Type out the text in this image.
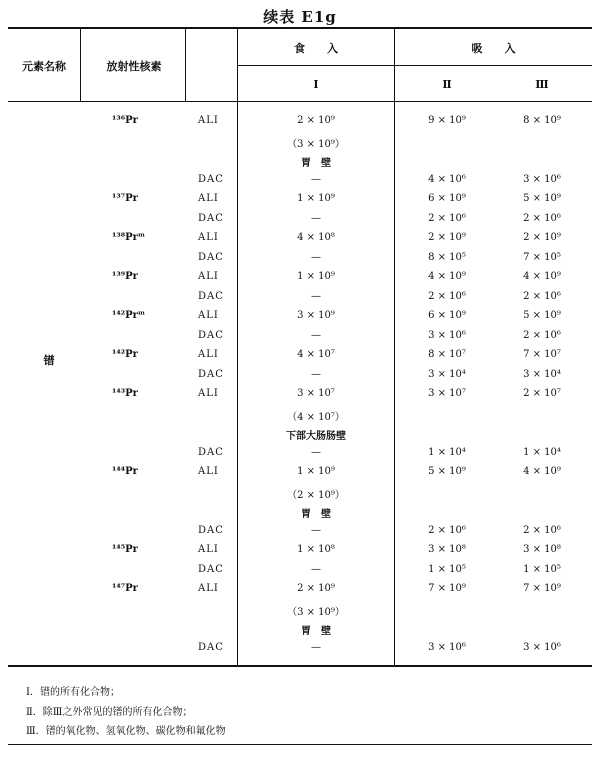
续表 E1g
元素名称	放射性核素
食　　入	吸　　入
Ⅰ	Ⅱ	Ⅲ
镨
¹³⁶Pr	ALI	2 × 10⁹	9 × 10⁹	8 × 10⁹
（3 × 10⁹）
胃　壁
DAC	—	4 × 10⁶	3 × 10⁶
¹³⁷Pr	ALI	1 × 10⁹	6 × 10⁹	5 × 10⁹
DAC	—	2 × 10⁶	2 × 10⁶
¹³⁸Prᵐ	ALI	4 × 10⁸	2 × 10⁹	2 × 10⁹
DAC	—	8 × 10⁵	7 × 10⁵
¹³⁹Pr	ALI	1 × 10⁹	4 × 10⁹	4 × 10⁹
DAC	—	2 × 10⁶	2 × 10⁶
¹⁴²Prᵐ	ALI	3 × 10⁹	6 × 10⁹	5 × 10⁹
DAC	—	3 × 10⁶	2 × 10⁶
¹⁴²Pr	ALI	4 × 10⁷	8 × 10⁷	7 × 10⁷
DAC	—	3 × 10⁴	3 × 10⁴
¹⁴³Pr	ALI	3 × 10⁷	3 × 10⁷	2 × 10⁷
（4 × 10⁷）
下部大肠肠壁
DAC	—	1 × 10⁴	1 × 10⁴
¹⁴⁴Pr	ALI	1 × 10⁹	5 × 10⁹	4 × 10⁹
（2 × 10⁹）
胃　壁
DAC	—	2 × 10⁶	2 × 10⁶
¹⁴⁵Pr	ALI	1 × 10⁸	3 × 10⁸	3 × 10⁸
DAC	—	1 × 10⁵	1 × 10⁵
¹⁴⁷Pr	ALI	2 × 10⁹	7 × 10⁹	7 × 10⁹
（3 × 10⁹）
胃　壁
DAC	—	3 × 10⁶	3 × 10⁶
Ⅰ．镨的所有化合物；
Ⅱ．除Ⅲ之外常见的镨的所有化合物；
Ⅲ．镨的氧化物、氢氧化物、碳化物和氟化物
